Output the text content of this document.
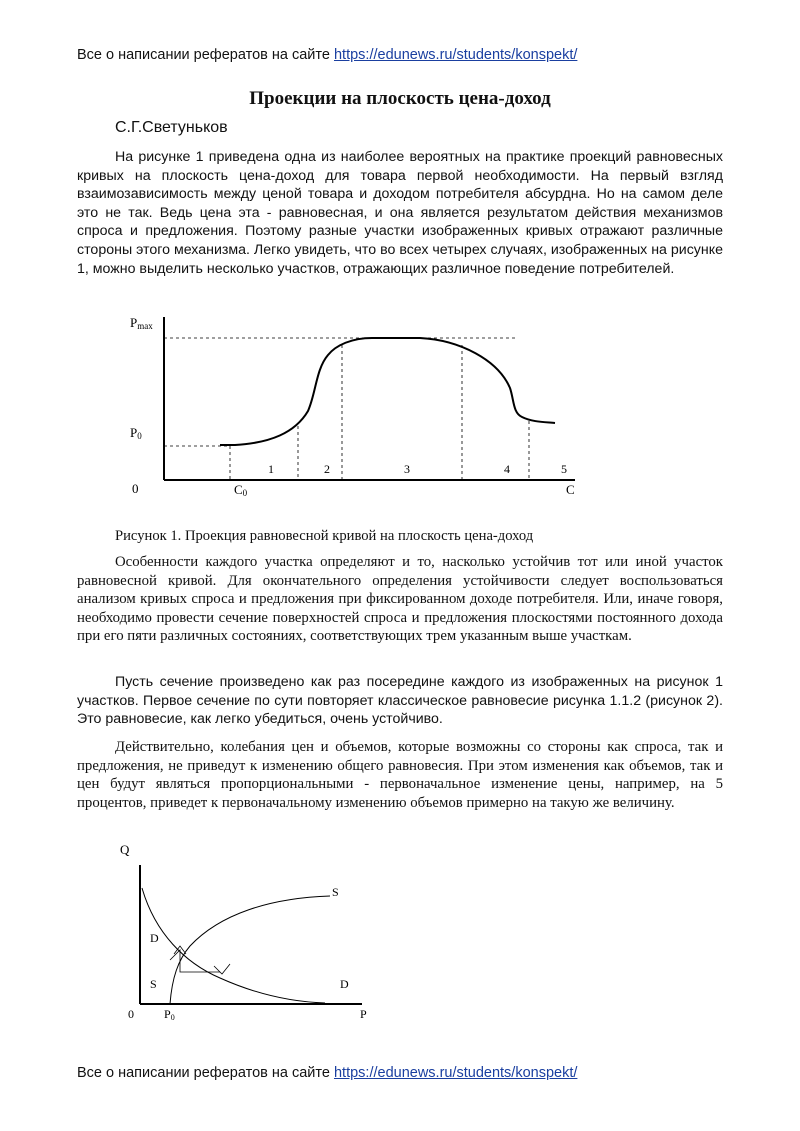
Все о написании рефератов на сайте https://edunews.ru/students/konspekt/
Проекции на плоскость цена-доход
С.Г.Светуньков

На рисунке 1 приведена одна из наиболее вероятных на практике проекций равновесных кривых на плоскость цена-доход для товара первой необходимости. На первый взгляд взаимозависимость между ценой товара и доходом потребителя абсурдна. Но на самом деле это не так. Ведь цена эта - равновесная, и она является результатом действия механизмов спроса и предложения. Поэтому разные участки изображенных кривых отражают различные стороны этого механизма. Легко увидеть, что во всех четырех случаях, изображенных на рисунке 1, можно выделить несколько участков, отражающих различное поведение потребителей.

Pmax
P0
0	C0	C
1	2	3	4	5
Рисунок 1. Проекция равновесной кривой на плоскость цена-доход

Особенности каждого участка определяют и то, насколько устойчив тот или иной участок равновесной кривой. Для окончательного определения устойчивости следует воспользоваться анализом кривых спроса и предложения при фиксированном доходе потребителя. Или, иначе говоря, необходимо провести сечение поверхностей спроса и предложения плоскостями постоянного дохода при его пяти различных состояниях, соответствующих трем указанным выше участкам.

Пусть сечение произведено как раз посередине каждого из изображенных на рисунок 1 участков. Первое сечение по сути повторяет классическое равновесие рисунка 1.1.2 (рисунок 2). Это равновесие, как легко убедиться, очень устойчиво.

Действительно, колебания цен и объемов, которые возможны со стороны как спроса, так и предложения, не приведут к изменению общего равновесия. При этом изменения как объемов, так и цен будут являться пропорциональными - первоначальное изменение цены, например, на 5 процентов, приведет к первоначальному изменению объемов примерно на такую же величину.

Q
0	P0	P
S
D
S	D
Все о написании рефератов на сайте https://edunews.ru/students/konspekt/
